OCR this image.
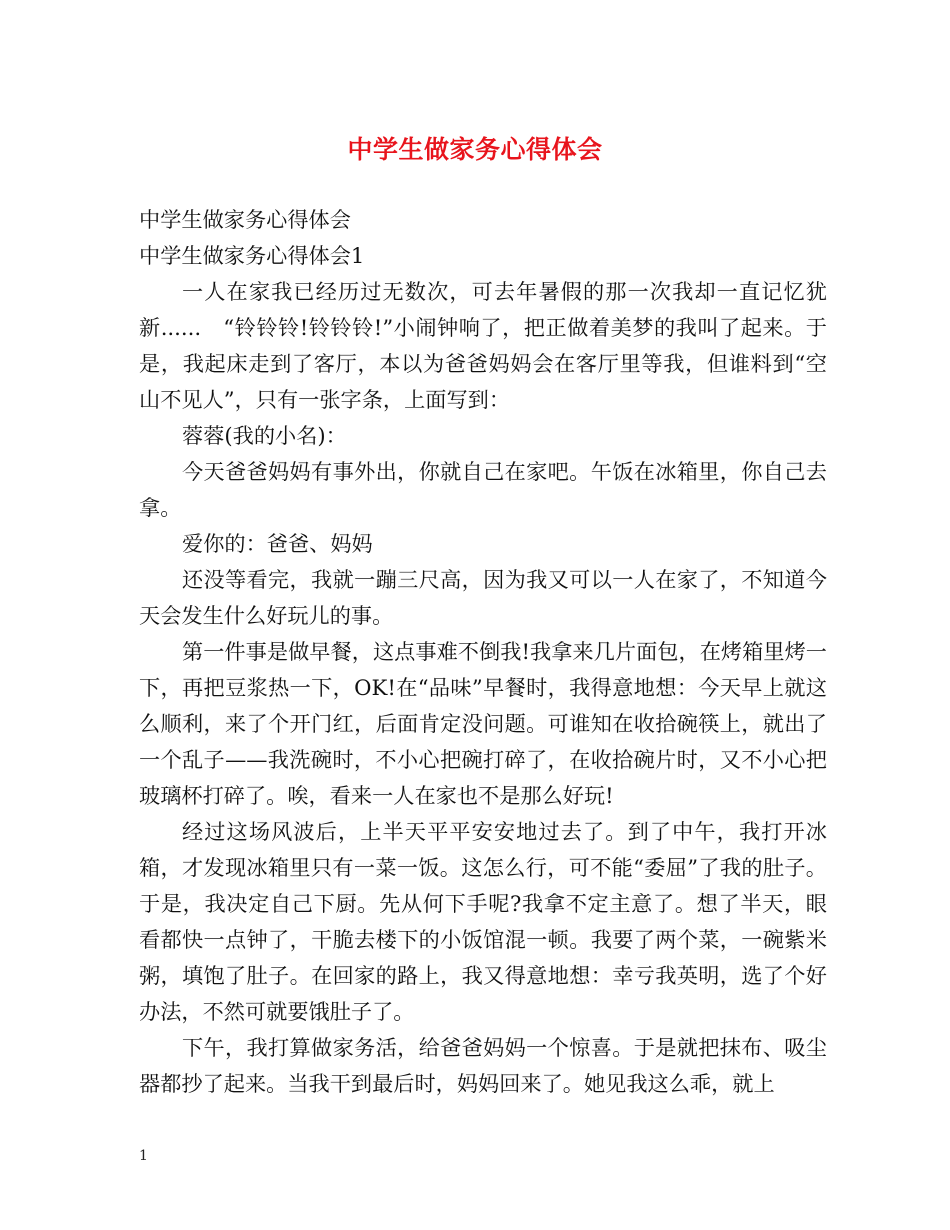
中学生做家务心得体会

中学生做家务心得体会

中学生做家务心得体会1

一人在家我已经历过无数次，可去年暑假的那一次我却一直记忆犹新......　“铃铃铃!铃铃铃!”小闹钟响了，把正做着美梦的我叫了起来。于是，我起床走到了客厅，本以为爸爸妈妈会在客厅里等我，但谁料到“空山不见人”，只有一张字条，上面写到：

蓉蓉(我的小名)：

今天爸爸妈妈有事外出，你就自己在家吧。午饭在冰箱里，你自己去拿。

爱你的：爸爸、妈妈

还没等看完，我就一蹦三尺高，因为我又可以一人在家了，不知道今天会发生什么好玩儿的事。

第一件事是做早餐，这点事难不倒我!我拿来几片面包，在烤箱里烤一下，再把豆浆热一下，OK!在“品味”早餐时，我得意地想：今天早上就这么顺利，来了个开门红，后面肯定没问题。可谁知在收拾碗筷上，就出了一个乱子——我洗碗时，不小心把碗打碎了，在收拾碗片时，又不小心把玻璃杯打碎了。唉，看来一人在家也不是那么好玩!

经过这场风波后，上半天平平安安地过去了。到了中午，我打开冰箱，才发现冰箱里只有一菜一饭。这怎么行，可不能“委屈”了我的肚子。于是，我决定自己下厨。先从何下手呢?我拿不定主意了。想了半天，眼看都快一点钟了，干脆去楼下的小饭馆混一顿。我要了两个菜，一碗紫米粥，填饱了肚子。在回家的路上，我又得意地想：幸亏我英明，选了个好办法，不然可就要饿肚子了。

下午，我打算做家务活，给爸爸妈妈一个惊喜。于是就把抹布、吸尘器都抄了起来。当我干到最后时，妈妈回来了。她见我这么乖，就上

1
